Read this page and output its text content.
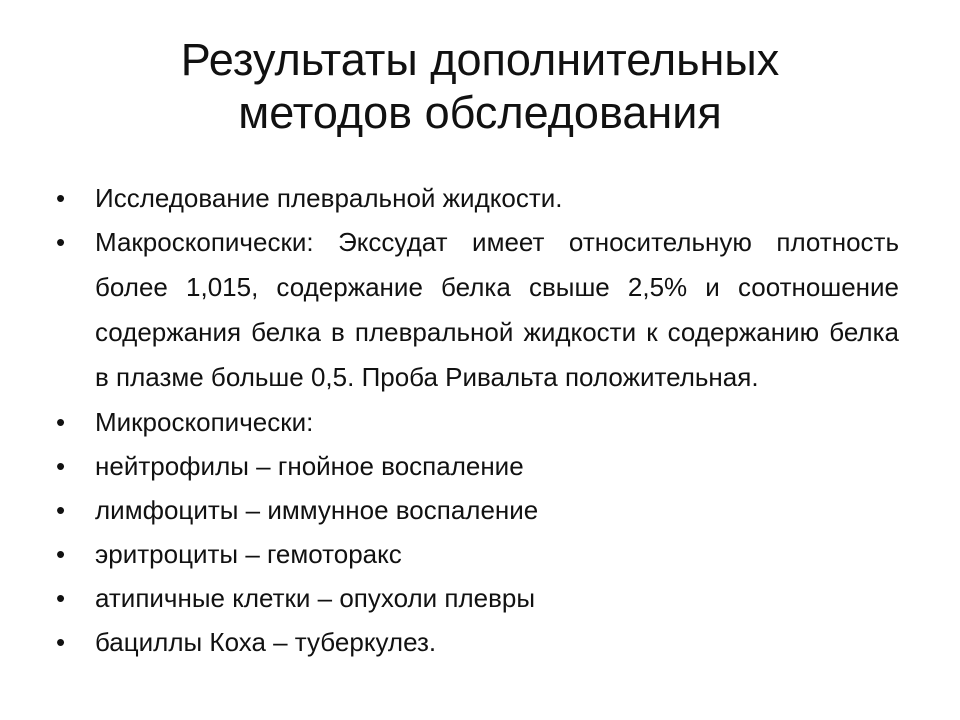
Результаты дополнительных
методов обследования
•	Исследование плевральной жидкости.
•	Макроскопически: Экссудат имеет относительную плотность более 1,015, содержание белка свыше 2,5% и соотношение содержания белка в плевральной жидкости к содержанию белка в плазме больше 0,5. Проба Ривальта положительная.
•	Микроскопически:
•	нейтрофилы – гнойное воспаление
•	лимфоциты – иммунное воспаление
•	эритроциты – гемоторакс
•	атипичные клетки – опухоли плевры
•	бациллы Коха – туберкулез.
